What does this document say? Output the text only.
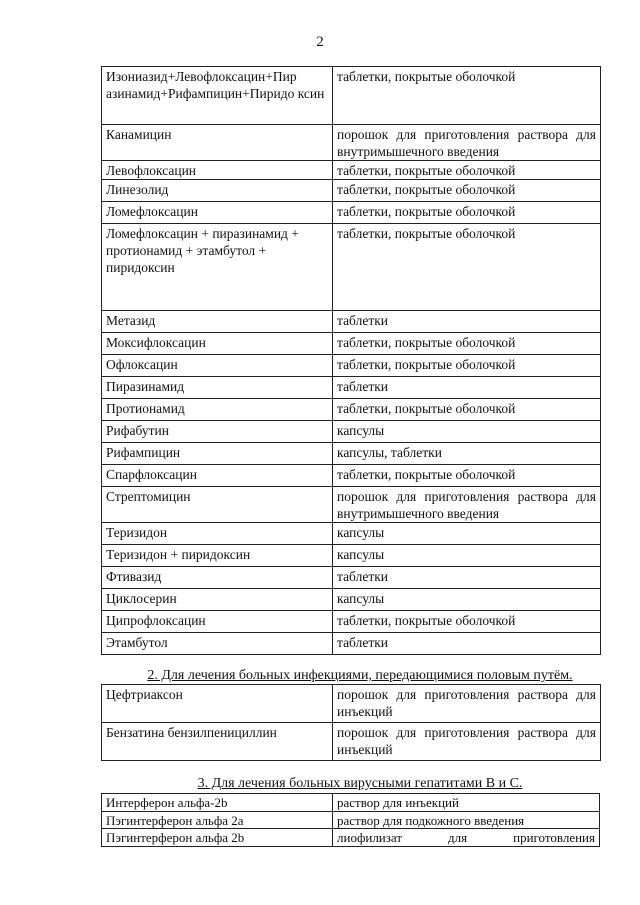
2
Изониазид+Левофлоксацин+Пир азинамид+Рифампицин+Пиридо ксин	таблетки, покрытые оболочкой
Канамицин	порошок для приготовления раствора для внутримышечного введения
Левофлоксацин	таблетки, покрытые оболочкой
Линезолид	таблетки, покрытые оболочкой
Ломефлоксацин	таблетки, покрытые оболочкой
Ломефлоксацин + пиразинамид + протионамид + этамбутол + пиридоксин	таблетки, покрытые оболочкой
Метазид	таблетки
Моксифлоксацин	таблетки, покрытые оболочкой
Офлоксацин	таблетки, покрытые оболочкой
Пиразинамид	таблетки
Протионамид	таблетки, покрытые оболочкой
Рифабутин	капсулы
Рифампицин	капсулы, таблетки
Спарфлоксацин	таблетки, покрытые оболочкой
Стрептомицин	порошок для приготовления раствора для внутримышечного введения
Теризидон	капсулы
Теризидон + пиридоксин	капсулы
Фтивазид	таблетки
Циклосерин	капсулы
Ципрофлоксацин	таблетки, покрытые оболочкой
Этамбутол	таблетки
2. Для лечения больных инфекциями, передающимися половым путём.
Цефтриаксон	порошок для приготовления раствора для инъекций
Бензатина бензилпенициллин	порошок для приготовления раствора для инъекций
3. Для лечения больных вирусными гепатитами B и C.
Интерферон альфа-2b	раствор для инъекций
Пэгинтерферон альфа 2a	раствор для подкожного введения
Пэгинтерферон альфа 2b	лиофилизат для приготовления
